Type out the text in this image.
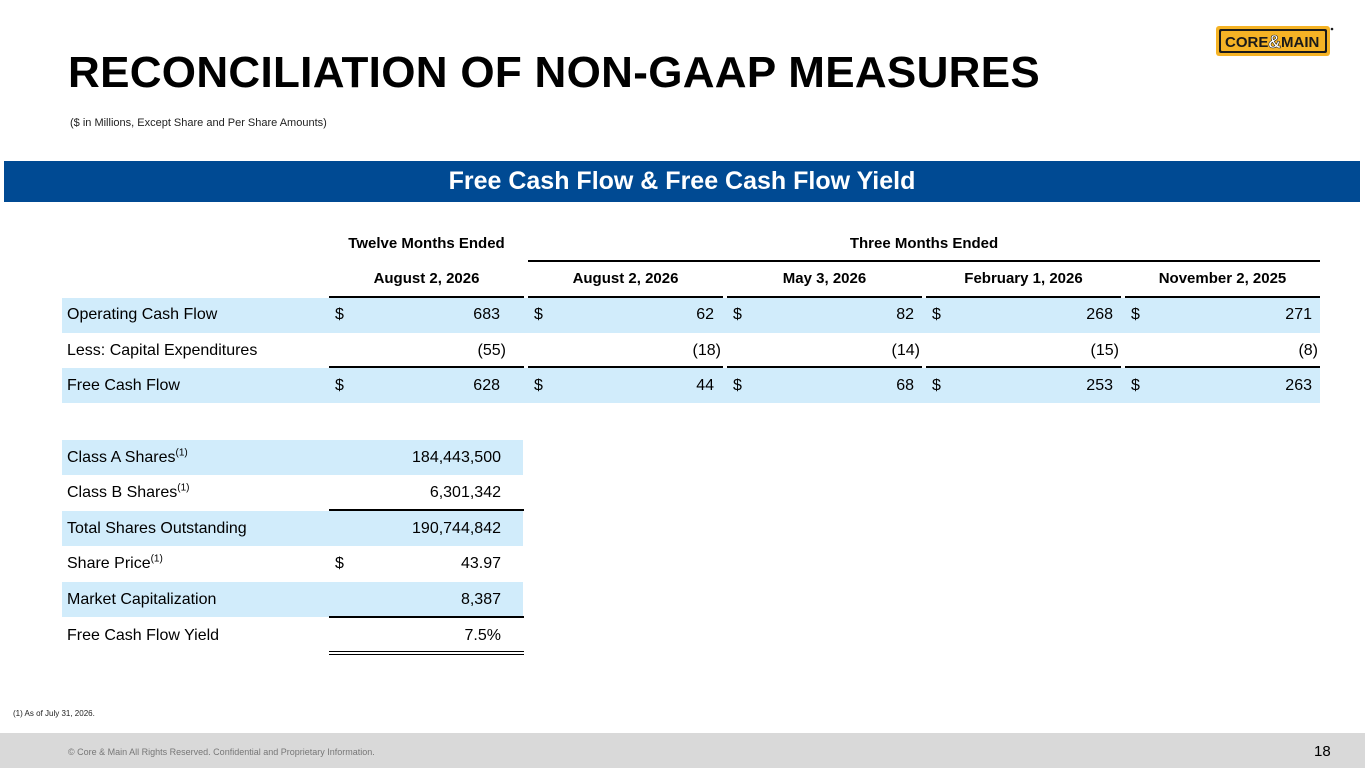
RECONCILIATION OF NON-GAAP MEASURES
($ in Millions, Except Share and Per Share Amounts)
CORE & MAIN
Free Cash Flow & Free Cash Flow Yield
Twelve Months Ended	Three Months Ended
August 2, 2026	August 2, 2026	May 3, 2026	February 1, 2026	November 2, 2025
Operating Cash Flow	$	683 $	62 $	82 $	268 $	271
Less: Capital Expenditures	(55)	(18)	(14)	(15)	(8)
Free Cash Flow	$	628 $	44 $	68 $	253 $	263
Class A Shares$^{(1)}$	184,443,500
Class B Shares$^{(1)}$	6,301,342
Total Shares Outstanding	190,744,842
Share Price$^{(1)}$	$	43.97
Market Capitalization	8,387
Free Cash Flow Yield	7.5%
(1) As of July 31, 2026.
© Core & Main All Rights Reserved. Confidential and Proprietary Information.	18
